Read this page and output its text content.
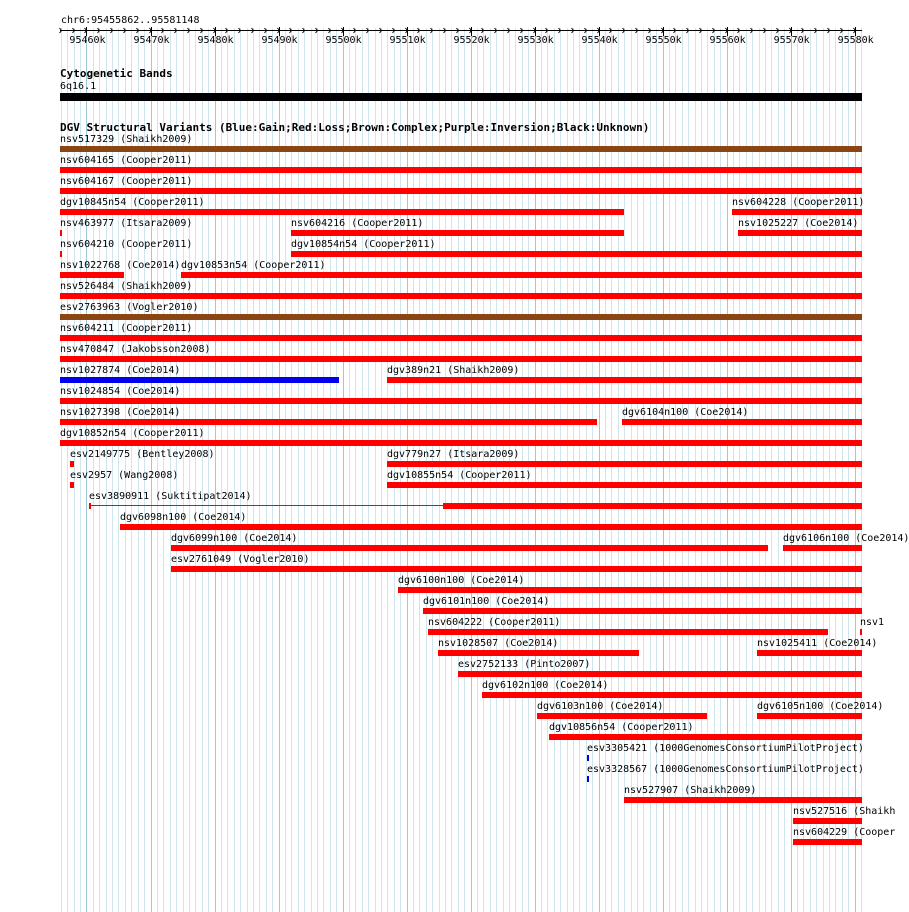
chr6:95455862..95581148
95460k	95470k	95480k	95490k	95500k	95510k	95520k	95530k	95540k	95550k	95560k	95570k	95580k
Cytogenetic Bands
6q16.1
DGV Structural Variants (Blue:Gain;Red:Loss;Brown:Complex;Purple:Inversion;Black:Unknown)
nsv517329 (Shaikh2009)
nsv604165 (Cooper2011)
nsv604167 (Cooper2011)
dgv10845n54 (Cooper2011)	nsv604228 (Cooper2011)
nsv463977 (Itsara2009)	nsv604216 (Cooper2011)	nsv1025227 (Coe2014)
nsv604210 (Cooper2011)	dgv10854n54 (Cooper2011)
nsv1022768 (Coe2014) dgv10853n54 (Cooper2011)
nsv526484 (Shaikh2009)
esv2763963 (Vogler2010)
nsv604211 (Cooper2011)
nsv470847 (Jakobsson2008)
nsv1027874 (Coe2014)	dgv389n21 (Shaikh2009)
nsv1024854 (Coe2014)
nsv1027398 (Coe2014)	dgv6104n100 (Coe2014)
dgv10852n54 (Cooper2011)
esv2149775 (Bentley2008)	dgv779n27 (Itsara2009)
esv2957 (Wang2008)	dgv10855n54 (Cooper2011)
esv3890911 (Suktitipat2014)
dgv6098n100 (Coe2014)
dgv6099n100 (Coe2014)	dgv6106n100 (Coe2014)
esv2761049 (Vogler2010)
dgv6100n100 (Coe2014)
dgv6101n100 (Coe2014)
nsv604222 (Cooper2011)	nsv1
nsv1028507 (Coe2014)	nsv1025411 (Coe2014)
esv2752133 (Pinto2007)
dgv6102n100 (Coe2014)
dgv6103n100 (Coe2014)	dgv6105n100 (Coe2014)
dgv10856n54 (Cooper2011)
esv3305421 (1000GenomesConsortiumPilotProject)
esv3328567 (1000GenomesConsortiumPilotProject)
nsv527907 (Shaikh2009)
nsv527516 (Shaikh
nsv604229 (Cooper
